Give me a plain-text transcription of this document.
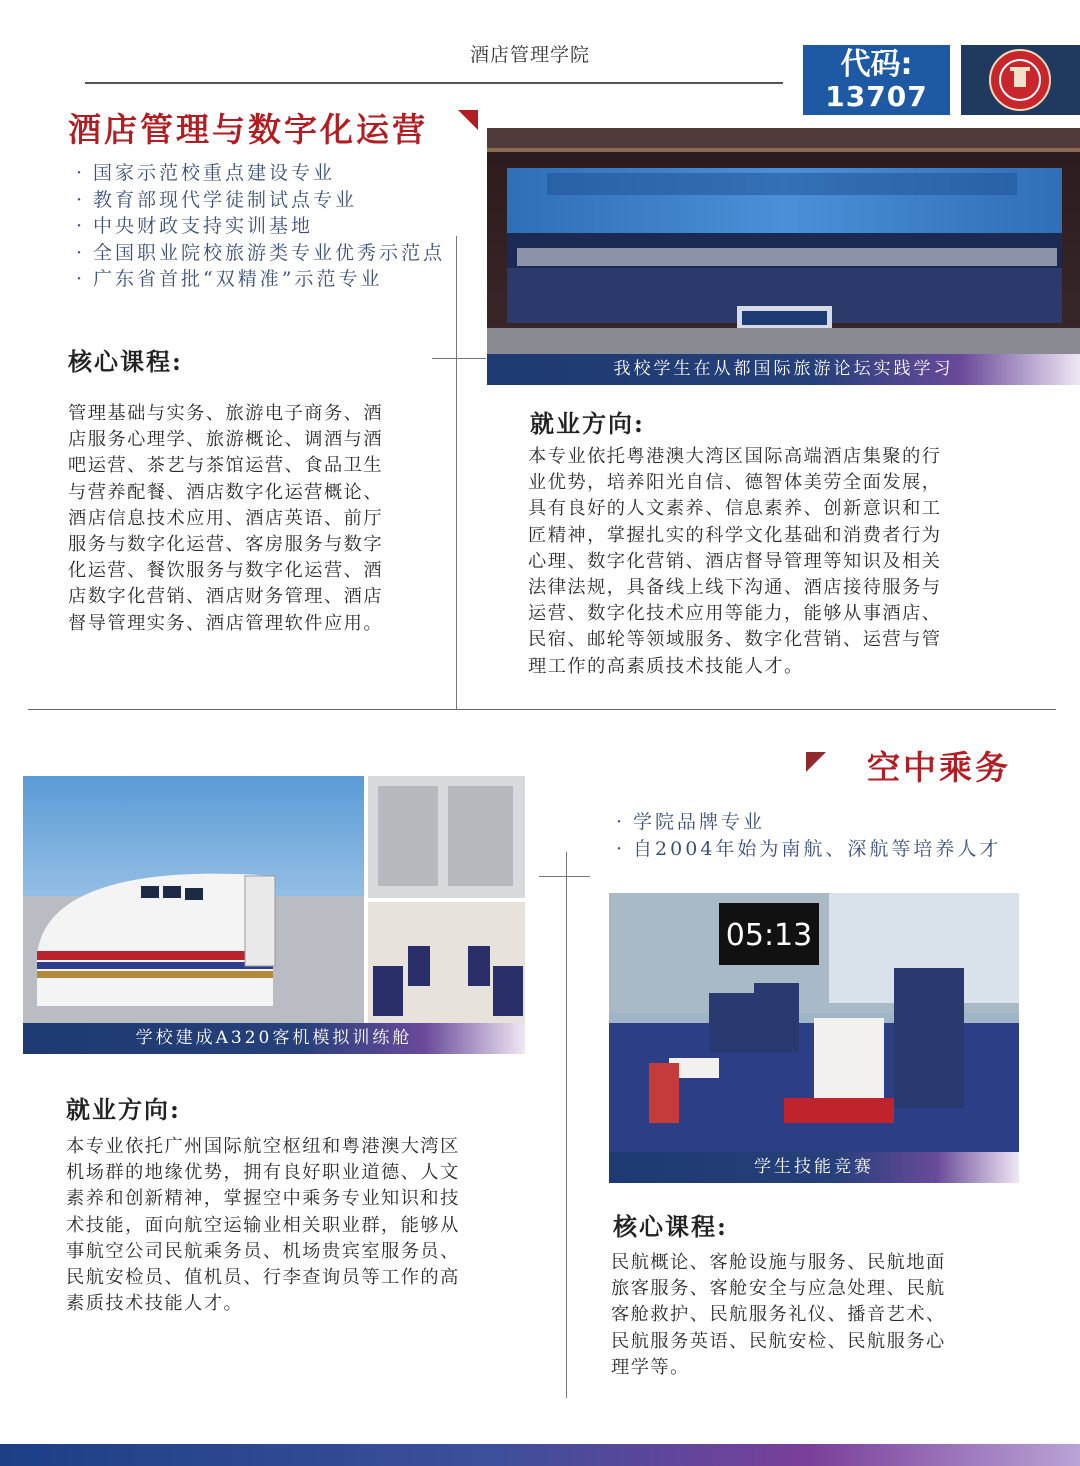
酒店管理学院	代码:
13707
酒店管理与数字化运营
· 国家示范校重点建设专业
· 教育部现代学徒制试点专业
· 中央财政支持实训基地
· 全国职业院校旅游类专业优秀示范点
· 广东省首批“双精准”示范专业
我校学生在从都国际旅游论坛实践学习
核心课程:
管理基础与实务、旅游电子商务、酒
店服务心理学、旅游概论、调酒与酒
吧运营、茶艺与茶馆运营、食品卫生
与营养配餐、酒店数字化运营概论、
酒店信息技术应用、酒店英语、前厅
服务与数字化运营、客房服务与数字
化运营、餐饮服务与数字化运营、酒
店数字化营销、酒店财务管理、酒店
督导管理实务、酒店管理软件应用。
就业方向:
本专业依托粤港澳大湾区国际高端酒店集聚的行
业优势，培养阳光自信、德智体美劳全面发展，
具有良好的人文素养、信息素养、创新意识和工
匠精神，掌握扎实的科学文化基础和消费者行为
心理、数字化营销、酒店督导管理等知识及相关
法律法规，具备线上线下沟通、酒店接待服务与
运营、数字化技术应用等能力，能够从事酒店、
民宿、邮轮等领域服务、数字化营销、运营与管
理工作的高素质技术技能人才。
空中乘务
· 学院品牌专业
· 自2004年始为南航、深航等培养人才
学校建成A320客机模拟训练舱
05:13
学生技能竞赛
就业方向:
本专业依托广州国际航空枢纽和粤港澳大湾区
机场群的地缘优势，拥有良好职业道德、人文
素养和创新精神，掌握空中乘务专业知识和技
术技能，面向航空运输业相关职业群，能够从
事航空公司民航乘务员、机场贵宾室服务员、
民航安检员、值机员、行李查询员等工作的高
素质技术技能人才。
核心课程:
民航概论、客舱设施与服务、民航地面
旅客服务、客舱安全与应急处理、民航
客舱救护、民航服务礼仪、播音艺术、
民航服务英语、民航安检、民航服务心
理学等。
